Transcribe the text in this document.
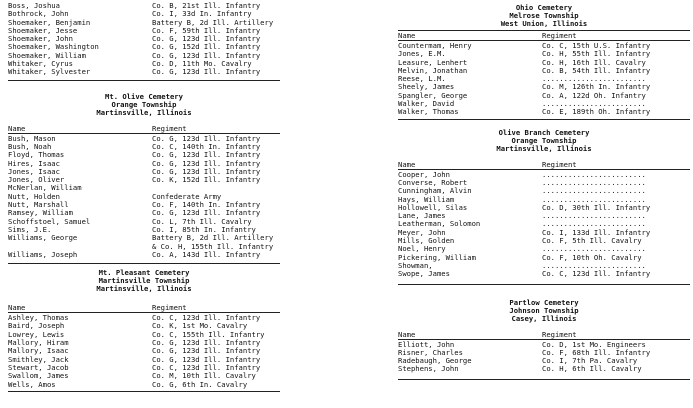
Boss, Joshua	Co. B, 21st Ill. Infantry
Bothrock, John	Co. I, 33d In. Infantry
Shoemaker, Benjamin	Battery B, 2d Ill. Artillery
Shoemaker, Jesse	Co. F, 59th Ill. Infantry
Shoemaker, John	Co. G, 123d Ill. Infantry
Shoemaker, Washington	Co. G, 152d Ill. Infantry
Shoemaker, William	Co. G, 123d Ill. Infantry
Whitaker, Cyrus	Co. D, 11th Mo. Cavalry
Whitaker, Sylvester	Co. G, 123d Ill. Infantry
Mt. Olive Cemetery
Orange Township
Martinsville, Illinois
Name	Regiment
Bush, Mason	Co. G, 123d Ill. Infantry
Bush, Noah	Co. C, 140th In. Infantry
Floyd, Thomas	Co. G, 123d Ill. Infantry
Hires, Isaac	Co. G, 123d Ill. Infantry
Jones, Isaac	Co. G, 123d Ill. Infantry
Jones, Oliver	Co. K, 152d Ill. Infantry
McNerlan, William
Nutt, Holden	Confederate Army
Nutt, Marshall	Co. F, 140th In. Infantry
Ramsey, William	Co. G, 123d Ill. Infantry
Schoffstoel, Samuel	Co. L, 7th Ill. Cavalry
Sims, J.E.	Co. I, 85th In. Infantry
Williams, George	Battery B, 2d Ill. Artillery
& Co. H, 155th Ill. Infantry
Williams, Joseph	Co. A, 143d Ill. Infantry
Mt. Pleasant Cemetery
Martinsville Township
Martinsville, Illinois
Name	Regiment
Ashley, Thomas	Co. C, 123d Ill. Infantry
Baird, Joseph	Co. K, 1st Mo. Cavalry
Lowrey, Lewis	Co. C, 155th Ill. Infantry
Mallory, Hiram	Co. G, 123d Ill. Infantry
Mallory, Isaac	Co. G, 123d Ill. Infantry
Smithley, Jack	Co. G, 123d Ill. Infantry
Stewart, Jacob	Co. C, 123d Ill. Infantry
Swallom, James	Co. M, 10th Ill. Cavalry
Wells, Amos	Co. G, 6th In. Cavalry
Ohio Cemetery
Melrose Township
West Union, Illinois
Name	Regiment
Countermam, Henry	Co. C, 15th U.S. Infantry
Jones, E.M.	Co. H, 55th Ill. Infantry
Leasure, Lenhert	Co. H, 16th Ill. Cavalry
Melvin, Jonathan	Co. B, 54th Ill. Infantry
Reese, L.M.	........................
Sheely, James	Co. M, 126th In. Infantry
Spangler, George	Co. A, 122d Oh. Infantry
Walker, David	........................
Walker, Thomas	Co. E, 189th Oh. Infantry
Olive Branch Cemetery
Orange Township
Martinsville, Illinois
Name	Regiment
Cooper, John	........................
Converse, Robert	........................
Cunningham, Alvin	........................
Hays, William	........................
Hollowell, Silas	Co. D, 30th Ill. Infantry
Lane, James	........................
Leatherman, Solomon	........................
Meyer, John	Co. I, 133d Ill. Infantry
Mills, Golden	Co. F, 5th Ill. Cavalry
Noel, Henry	........................
Pickering, William	Co. F, 10th Oh. Cavalry
Showman,	........................
Swope, James	Co. C, 123d Ill. Infantry
Partlow Cemetery
Johnson Township
Casey, Illinois
Name	Regiment
Elliott, John	Co. D, 1st Mo. Engineers
Risner, Charles	Co. F, 68th Ill. Infantry
Radebaugh, George	Co. I, 7th Pa. Cavalry
Stephens, John	Co. H, 6th Ill. Cavalry
